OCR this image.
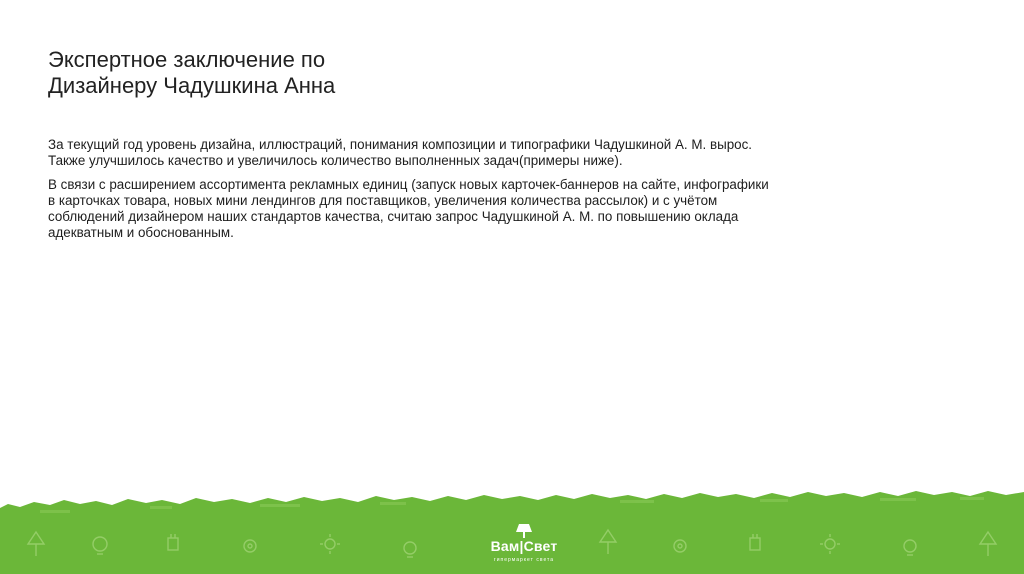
Экспертное заключение по
Дизайнеру Чадушкина Анна

За текущий год уровень дизайна, иллюстраций, понимания композиции и типографики Чадушкиной А. М. вырос. Также улучшилось качество и увеличилось количество выполненных задач(примеры ниже).

В связи с расширением ассортимента рекламных единиц (запуск новых карточек-баннеров на сайте, инфографики в карточках товара, новых мини лендингов для поставщиков, увеличения количества рассылок) и с учётом соблюдений дизайнером наших стандартов качества, считаю запрос Чадушкиной А. М. по повышению оклада адекватным и обоснованным.

Вам|Свет
гипермаркет света
